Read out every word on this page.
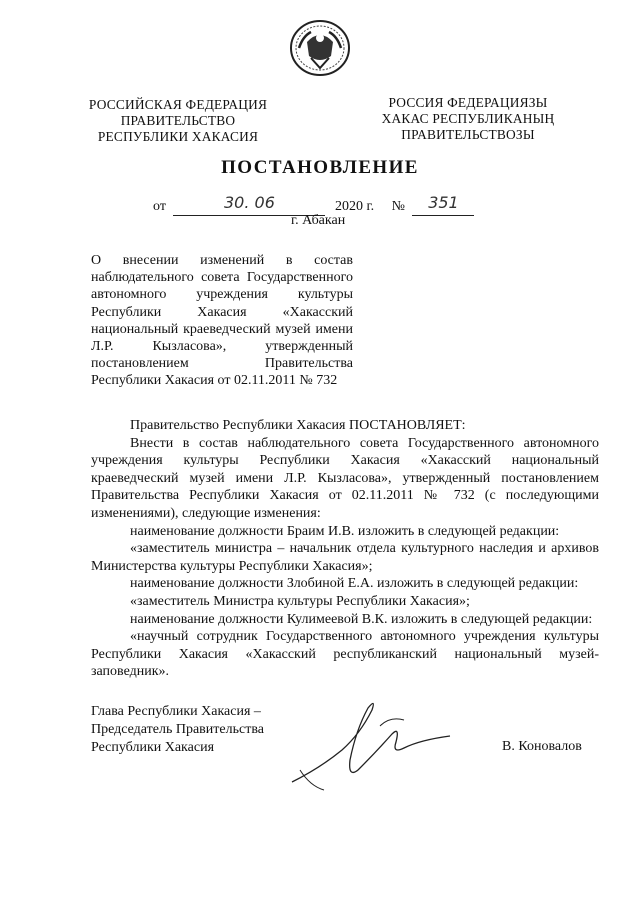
РОССИЙСКАЯ ФЕДЕРАЦИЯ
ПРАВИТЕЛЬСТВО
РЕСПУБЛИКИ ХАКАСИЯ
РОССИЯ ФЕДЕРАЦИЯЗЫ
ХАКАС РЕСПУБЛИКАНЫҢ
ПРАВИТЕЛЬСТВОЗЫ
ПОСТАНОВЛЕНИЕ
от	30. 06	2020 г. № 351
г. Абакан
О внесении изменений в состав
наблюдательного совета Государственного
автономного учреждения культуры
Республики Хакасия «Хакасский
национальный краеведческий музей имени
Л.Р. Кызласова», утвержденный
постановлением Правительства
Республики Хакасия от 02.11.2011 № 732

Правительство Республики Хакасия ПОСТАНОВЛЯЕТ:

Внести в состав наблюдательного совета Государственного автономного учреждения культуры Республики Хакасия «Хакасский национальный краеведческий музей имени Л.Р. Кызласова», утвержденный постановлением Правительства Республики Хакасия от 02.11.2011 № 732 (с последующими изменениями), следующие изменения:

наименование должности Браим И.В. изложить в следующей редакции:

«заместитель министра – начальник отдела культурного наследия и архивов Министерства культуры Республики Хакасия»;

наименование должности Злобиной Е.А. изложить в следующей редакции:

«заместитель Министра культуры Республики Хакасия»;

наименование должности Кулимеевой В.К. изложить в следующей редакции:

«научный сотрудник Государственного автономного учреждения культуры Республики Хакасия «Хакасский республиканский национальный музей-заповедник».

Глава Республики Хакасия –
Председатель Правительства
Республики Хакасия	В. Коновалов
